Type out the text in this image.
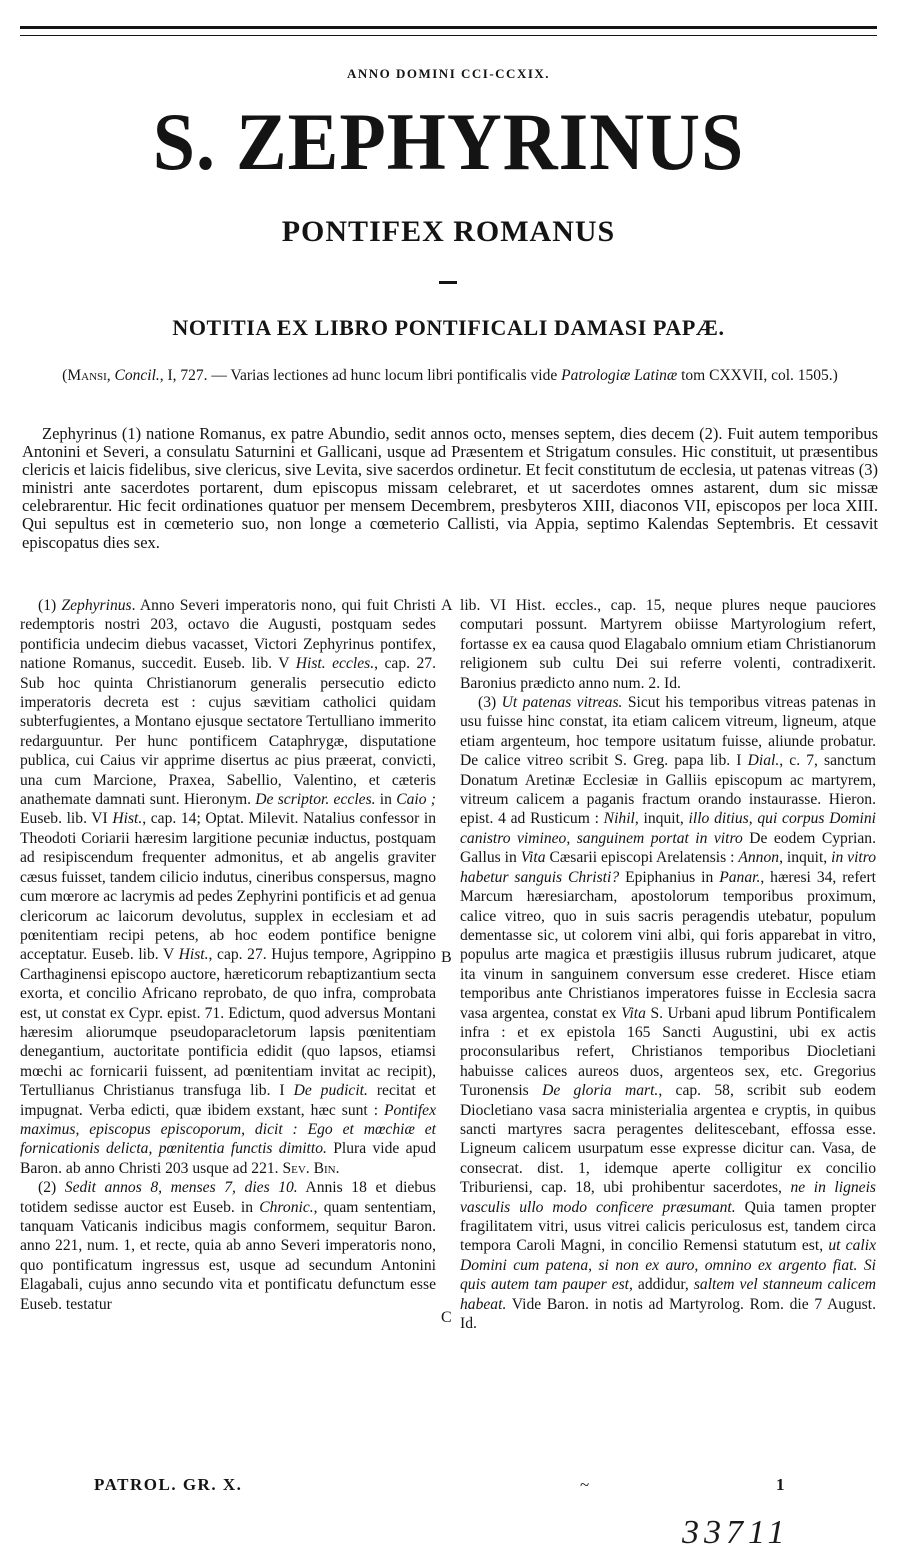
ANNO DOMINI CCI-CCXIX.
S. ZEPHYRINUS
PONTIFEX ROMANUS
NOTITIA EX LIBRO PONTIFICALI DAMASI PAPÆ.
(Mansi, Concil., I, 727. — Varias lectiones ad hunc locum libri pontificalis vide Patrologiæ Latinæ tom CXXVII, col. 1505.)
Zephyrinus (1) natione Romanus, ex patre Abundio, sedit annos octo, menses septem, dies decem (2). Fuit autem temporibus Antonini et Severi, a consulatu Saturnini et Gallicani, usque ad Præsentem et Strigatum consules. Hic constituit, ut præsentibus clericis et laicis fidelibus, sive clericus, sive Levita, sive sacerdos ordinetur. Et fecit constitutum de ecclesia, ut patenas vitreas (3) ministri ante sacerdotes portarent, dum episcopus missam celebraret, et ut sacerdotes omnes astarent, dum sic missæ celebrarentur. Hic fecit ordinationes quatuor per mensem Decembrem, presbyteros XIII, diaconos VII, episcopos per loca XIII. Qui sepultus est in cœmeterio suo, non longe a cœmeterio Callisti, via Appia, septimo Kalendas Septembris. Et cessavit episcopatus dies sex.

(1) Zephyrinus. Anno Severi imperatoris nono, qui fuit Christi redemptoris nostri 203, octavo die Augusti, postquam sedes pontificia undecim diebus vacasset, Victori Zephyrinus pontifex, natione Romanus, succedit. Euseb. lib. V Hist. eccles., cap. 27. Sub hoc quinta Christianorum generalis persecutio edicto imperatoris decreta est : cujus sævitiam catholici quidam subterfugientes, a Montano ejusque sectatore Tertulliano immerito redarguuntur. Per hunc pontificem Cataphrygæ, disputatione publica, cui Caius vir apprime disertus ac pius præerat, convicti, una cum Marcione, Praxea, Sabellio, Valentino, et cæteris anathemate damnati sunt. Hieronym. De scriptor. eccles. in Caio ; Euseb. lib. VI Hist., cap. 14; Optat. Milevit. Natalius confessor in Theodoti Coriarii hæresim largitione pecuniæ inductus, postquam ad resipiscendum frequenter admonitus, et ab angelis graviter cæsus fuisset, tandem cilicio indutus, cineribus conspersus, magno cum mœrore ac lacrymis ad pedes Zephyrini pontificis et ad genua clericorum ac laicorum devolutus, supplex in ecclesiam et ad pœnitentiam recipi petens, ab hoc eodem pontifice benigne acceptatur. Euseb. lib. V Hist., cap. 27. Hujus tempore, Agrippino Carthaginensi episcopo auctore, hæreticorum rebaptizantium secta exorta, et concilio Africano reprobato, de quo infra, comprobata est, ut constat ex Cypr. epist. 71. Edictum, quod adversus Montani hæresim aliorumque pseudoparacletorum lapsis pœnitentiam denegantium, auctoritate pontificia edidit (quo lapsos, etiamsi mœchi ac fornicarii fuissent, ad pœnitentiam invitat ac recipit), Tertullianus Christianus transfuga lib. I De pudicit. recitat et impugnat. Verba edicti, quæ ibidem exstant, hæc sunt : Pontifex maximus, episcopus episcoporum, dicit : Ego et mœchiæ et fornicationis delicta, pœnitentia functis dimitto. Plura vide apud Baron. ab anno Christi 203 usque ad 221. Sev. Bin.

(2) Sedit annos 8, menses 7, dies 10. Annis 18 et diebus totidem sedisse auctor est Euseb. in Chronic., quam sententiam, tanquam Vaticanis indicibus magis conformem, sequitur Baron. anno 221, num. 1, et recte, quia ab anno Severi imperatoris nono, quo pontificatum ingressus est, usque ad secundum Antonini Elagabali, cujus anno secundo vita et pontificatu defunctum esse Euseb. testatur

lib. VI Hist. eccles., cap. 15, neque plures neque pauciores computari possunt. Martyrem obiisse Martyrologium refert, fortasse ex ea causa quod Elagabalo omnium etiam Christianorum religionem sub cultu Dei sui referre volenti, contradixerit. Baronius prædicto anno num. 2. Id.

(3) Ut patenas vitreas. Sicut his temporibus vitreas patenas in usu fuisse hinc constat, ita etiam calicem vitreum, ligneum, atque etiam argenteum, hoc tempore usitatum fuisse, aliunde probatur. De calice vitreo scribit S. Greg. papa lib. I Dial., c. 7, sanctum Donatum Aretinæ Ecclesiæ in Galliis episcopum ac martyrem, vitreum calicem a paganis fractum orando instaurasse. Hieron. epist. 4 ad Rusticum : Nihil, inquit, illo ditius, qui corpus Domini canistro vimineo, sanguinem portat in vitro De eodem Cyprian. Gallus in Vita Cæsarii episcopi Arelatensis : Annon, inquit, in vitro habetur sanguis Christi? Epiphanius in Panar., hæresi 34, refert Marcum hæresiarcham, apostolorum temporibus proximum, calice vitreo, quo in suis sacris peragendis utebatur, populum dementasse sic, ut colorem vini albi, qui foris apparebat in vitro, populus arte magica et præstigiis illusus rubrum judicaret, atque ita vinum in sanguinem conversum esse crederet. Hisce etiam temporibus ante Christianos imperatores fuisse in Ecclesia sacra vasa argentea, constat ex Vita S. Urbani apud librum Pontificalem infra : et ex epistola 165 Sancti Augustini, ubi ex actis proconsularibus refert, Christianos temporibus Diocletiani habuisse calices aureos duos, argenteos sex, etc. Gregorius Turonensis De gloria mart., cap. 58, scribit sub eodem Diocletiano vasa sacra ministerialia argentea e cryptis, in quibus sancti martyres sacra peragentes delitescebant, effossa esse. Ligneum calicem usurpatum esse expresse dicitur can. Vasa, de consecrat. dist. 1, idemque aperte colligitur ex concilio Triburiensi, cap. 18, ubi prohibentur sacerdotes, ne in ligneis vasculis ullo modo conficere præsumant. Quia tamen propter fragilitatem vitri, usus vitrei calicis periculosus est, tandem circa tempora Caroli Magni, in concilio Remensi statutum est, ut calix Domini cum patena, si non ex auro, omnino ex argento fiat. Si quis autem tam pauper est, addidur, saltem vel stanneum calicem habeat. Vide Baron. in notis ad Martyrolog. Rom. die 7 August. Id.

A
B
C
PATROL. GR. X.	~	1
33711
